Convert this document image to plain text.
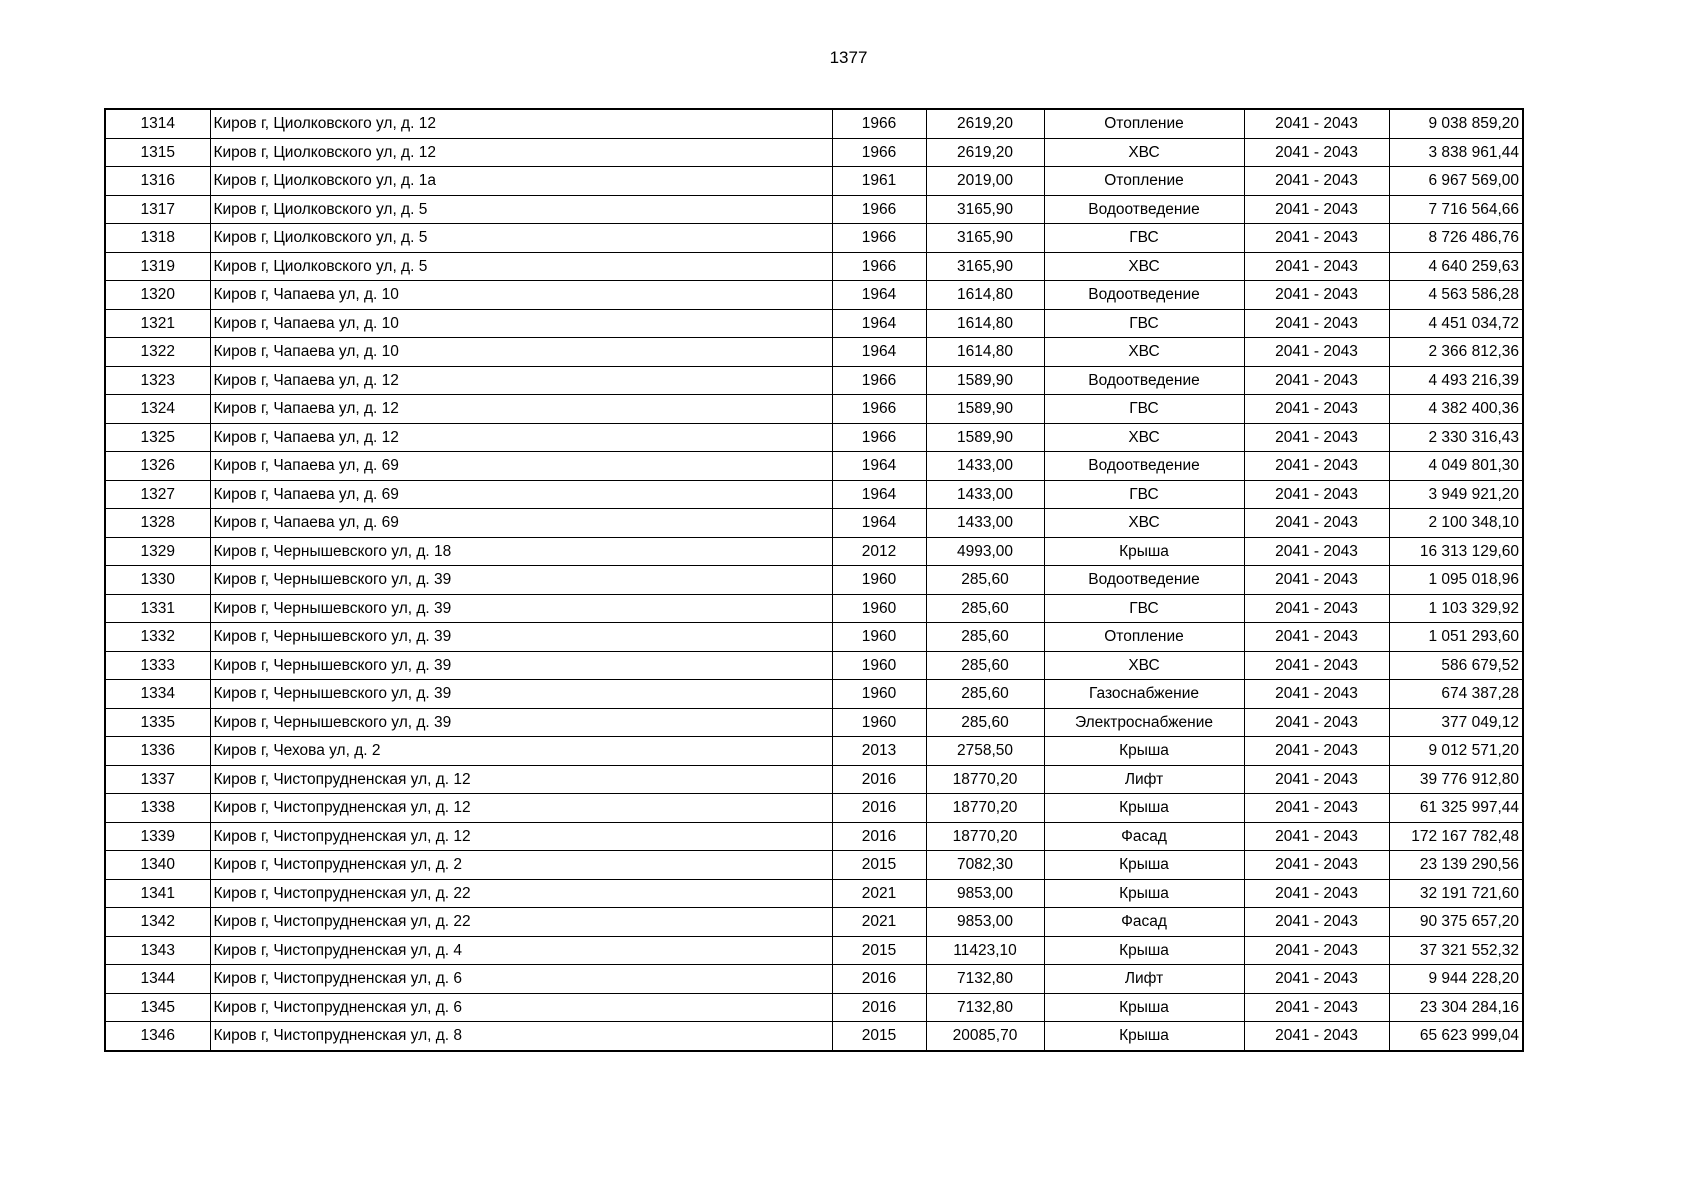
1377
1314	Киров г, Циолковского ул, д. 12	1966	2619,20	Отопление	2041 - 2043	9 038 859,20
1315	Киров г, Циолковского ул, д. 12	1966	2619,20	ХВС	2041 - 2043	3 838 961,44
1316	Киров г, Циолковского ул, д. 1а	1961	2019,00	Отопление	2041 - 2043	6 967 569,00
1317	Киров г, Циолковского ул, д. 5	1966	3165,90	Водоотведение	2041 - 2043	7 716 564,66
1318	Киров г, Циолковского ул, д. 5	1966	3165,90	ГВС	2041 - 2043	8 726 486,76
1319	Киров г, Циолковского ул, д. 5	1966	3165,90	ХВС	2041 - 2043	4 640 259,63
1320	Киров г, Чапаева ул, д. 10	1964	1614,80	Водоотведение	2041 - 2043	4 563 586,28
1321	Киров г, Чапаева ул, д. 10	1964	1614,80	ГВС	2041 - 2043	4 451 034,72
1322	Киров г, Чапаева ул, д. 10	1964	1614,80	ХВС	2041 - 2043	2 366 812,36
1323	Киров г, Чапаева ул, д. 12	1966	1589,90	Водоотведение	2041 - 2043	4 493 216,39
1324	Киров г, Чапаева ул, д. 12	1966	1589,90	ГВС	2041 - 2043	4 382 400,36
1325	Киров г, Чапаева ул, д. 12	1966	1589,90	ХВС	2041 - 2043	2 330 316,43
1326	Киров г, Чапаева ул, д. 69	1964	1433,00	Водоотведение	2041 - 2043	4 049 801,30
1327	Киров г, Чапаева ул, д. 69	1964	1433,00	ГВС	2041 - 2043	3 949 921,20
1328	Киров г, Чапаева ул, д. 69	1964	1433,00	ХВС	2041 - 2043	2 100 348,10
1329	Киров г, Чернышевского ул, д. 18	2012	4993,00	Крыша	2041 - 2043	16 313 129,60
1330	Киров г, Чернышевского ул, д. 39	1960	285,60	Водоотведение	2041 - 2043	1 095 018,96
1331	Киров г, Чернышевского ул, д. 39	1960	285,60	ГВС	2041 - 2043	1 103 329,92
1332	Киров г, Чернышевского ул, д. 39	1960	285,60	Отопление	2041 - 2043	1 051 293,60
1333	Киров г, Чернышевского ул, д. 39	1960	285,60	ХВС	2041 - 2043	586 679,52
1334	Киров г, Чернышевского ул, д. 39	1960	285,60	Газоснабжение	2041 - 2043	674 387,28
1335	Киров г, Чернышевского ул, д. 39	1960	285,60	Электроснабжение	2041 - 2043	377 049,12
1336	Киров г, Чехова ул, д. 2	2013	2758,50	Крыша	2041 - 2043	9 012 571,20
1337	Киров г, Чистопрудненская ул, д. 12	2016	18770,20	Лифт	2041 - 2043	39 776 912,80
1338	Киров г, Чистопрудненская ул, д. 12	2016	18770,20	Крыша	2041 - 2043	61 325 997,44
1339	Киров г, Чистопрудненская ул, д. 12	2016	18770,20	Фасад	2041 - 2043	172 167 782,48
1340	Киров г, Чистопрудненская ул, д. 2	2015	7082,30	Крыша	2041 - 2043	23 139 290,56
1341	Киров г, Чистопрудненская ул, д. 22	2021	9853,00	Крыша	2041 - 2043	32 191 721,60
1342	Киров г, Чистопрудненская ул, д. 22	2021	9853,00	Фасад	2041 - 2043	90 375 657,20
1343	Киров г, Чистопрудненская ул, д. 4	2015	11423,10	Крыша	2041 - 2043	37 321 552,32
1344	Киров г, Чистопрудненская ул, д. 6	2016	7132,80	Лифт	2041 - 2043	9 944 228,20
1345	Киров г, Чистопрудненская ул, д. 6	2016	7132,80	Крыша	2041 - 2043	23 304 284,16
1346	Киров г, Чистопрудненская ул, д. 8	2015	20085,70	Крыша	2041 - 2043	65 623 999,04
